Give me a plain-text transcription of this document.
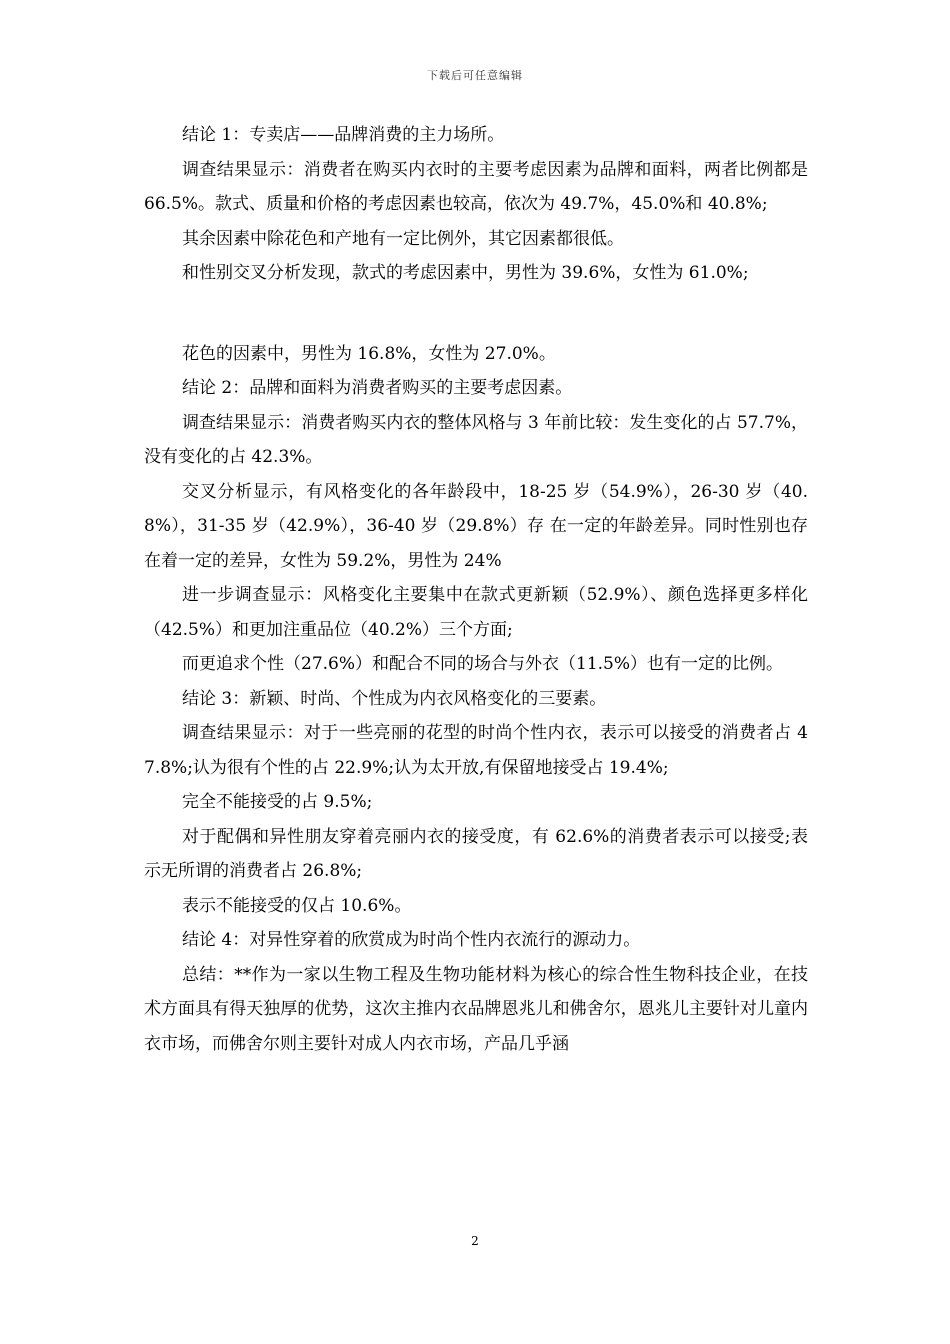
下载后可任意编辑

结论 1：专卖店——品牌消费的主力场所。

调查结果显示：消费者在购买内衣时的主要考虑因素为品牌和面料，两者比例都是 66.5%。款式、质量和价格的考虑因素也较高，依次为 49.7%，45.0%和 40.8%;

其余因素中除花色和产地有一定比例外，其它因素都很低。

和性别交叉分析发现，款式的考虑因素中，男性为 39.6%，女性为 61.0%;

花色的因素中，男性为 16.8%，女性为 27.0%。

结论 2：品牌和面料为消费者购买的主要考虑因素。

调查结果显示：消费者购买内衣的整体风格与 3 年前比较：发生变化的占 57.7%，没有变化的占 42.3%。

交叉分析显示，有风格变化的各年龄段中，18-25 岁（54.9%），26-30 岁（40.8%），31-35 岁（42.9%），36-40 岁（29.8%）存 在一定的年龄差异。同时性别也存在着一定的差异，女性为 59.2%，男性为 24%

进一步调查显示：风格变化主要集中在款式更新颖（52.9%）、颜色选择更多样化（42.5%）和更加注重品位（40.2%）三个方面;

而更追求个性（27.6%）和配合不同的场合与外衣（11.5%）也有一定的比例。

结论 3：新颖、时尚、个性成为内衣风格变化的三要素。

调查结果显示：对于一些亮丽的花型的时尚个性内衣，表示可以接受的消费者占 47.8%;认为很有个性的占 22.9%;认为太开放,有保留地接受占 19.4%;

完全不能接受的占 9.5%;

对于配偶和异性朋友穿着亮丽内衣的接受度，有 62.6%的消费者表示可以接受;表示无所谓的消费者占 26.8%;

表示不能接受的仅占 10.6%。

结论 4：对异性穿着的欣赏成为时尚个性内衣流行的源动力。

总结：**作为一家以生物工程及生物功能材料为核心的综合性生物科技企业，在技术方面具有得天独厚的优势，这次主推内衣品牌恩兆儿和佛舍尔，恩兆儿主要针对儿童内衣市场，而佛舍尔则主要针对成人内衣市场，产品几乎涵

2
